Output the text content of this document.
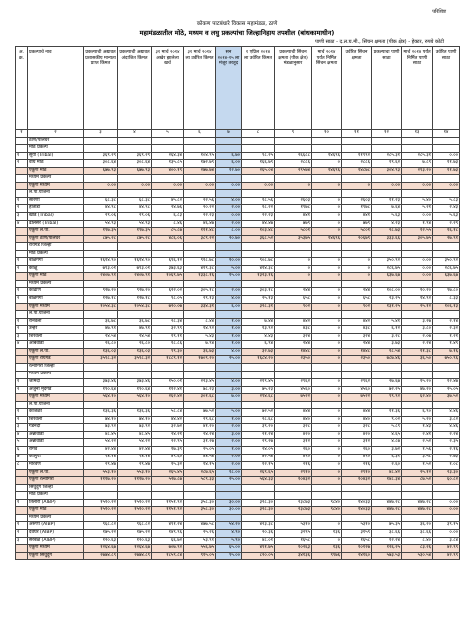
परिशिष्ट
कोकण पाटबंधारे विकास महामंडळ, ठाणे
महामंडळातील मोठे, मध्यम व लघु प्रकल्पांचा जिल्हानिहाय तपशील (बांधकामाधीन)
पाणी साठा - द.ल.घ.मी., सिंचन क्षमता (पीक क्षेत्र) - हेक्टर, रुपये कोटी
अ. क्र.	प्रकल्पाचे नाव	प्रकल्पाची अद्यावत प्रशासकीय मान्यता प्राप्त किंमत	प्रकल्पाची अद्यावत अंदाजित किंमत	३१ मार्च २०१४ अखेर झालेला खर्च	३१ मार्च २०१४ ला उर्वरित किंमत	सन २०१४-१५ ला मंजूर तरतूद	१ एप्रिल २०१४ ला उर्वरित किंमत	प्रकल्पाची सिंचन क्षमता (पीक क्षेत्र) मंडळानुसार	मार्च २०१४ पर्यंत निर्मित सिंचन क्षमता	उर्वरित सिंचन क्षमता	प्रकल्पाचा पाणी साठा	मार्च २०१४ पर्यंत निर्मित पाणी साठा	उर्वरित पाणी साठा
१	२	३	४	५	६	७	८	९	१०	११	१२	१३	१४
	ठाणे/पालघर												
	मोठे प्रकल्प												
१	सूर्या (Tribal)	३६९.२९	३६९.२९	२६४.३४	१०४.९५	६.७०	९८.२५	२६६८८	१४६९६	११९९२	२८५.३१	२८५.३१	०.००
२	वाघ मोठे	३०८.६४	३०८.६४	१३५.८५	१७२.७९	६.००	१६६.७९	२८८६	०	२८८६	१९.६२	७.८९	११.७३
	एकूण मोठे	६७७.९३	६७७.९३	४००.१९	२७७.७४	१२.७०	२६५.०४	२९५७४	१४६९६	१४८७८	३०४.९३	२९३.२०	११.७३
	मध्यम प्रकल्प												
	एकूण मध्यम	०.००	०.००	०.००	०.००	०.००	०.००	०	०	०	०.००	०.००	०.००
	ल.पा.योजना												
१	सारणी	६८.३८	६८.३८	४५.८२	२२.५६	४.००	१८.५६	२६०३	०	२६०३	११.२३	५.४०	५.८३
२	हातोडा	४४.९८	४४.९८	२४.७६	२०.२२	२.००	१८.२२	१९७८	०	१९७८	७.६४	५.२१	२.४३
३	खांड (Tribal)	२९.०६	२९.०६	६.८३	२२.२३	०.००	२२.२३	४४१	०	४४१	५.६३	०.००	५.६३
४	ढोलसरे (Tribal)	५४.९३	५४.९३	८.४६	४६.४७	२.००	४४.४७	७७९	०	७७९	४.२३	१.९४	२.२९
	एकूण ल.पा.	१९७.३५	१९७.३५	८५.८७	१११.४८	८.००	१०३.४८	५८०१	०	५८०१	२८.७३	१२.५५	१६.१८
	एकूण ठाणे/पालघर	८७५.२८	८७५.२८	४८६.०६	३८९.२२	२०.७०	३६८.५२	३५३७५	१४६९६	२०६७९	३३३.६६	३०५.७५	२७.९१
	रायगड जिल्हा												
	मोठे प्रकल्प												
१	बाळगंगा	१६१४.९०	१६१४.९०	६९६.१२	९१८.७८	१०.००	९०८.७८	०	०	०	३५०.९२	०.००	३५०.९२
२	काळू	७९३.०१	७९३.०१	३७३.६३	४१९.३८	५.००	४१४.३८	०	०	०	२८६.७५	०.००	२८६.७५
	एकूण मोठे	२४०७.९१	२४०७.९१	१०६९.७५	१३३८.१६	१५.००	१३२३.१६	०	०	०	६३७.६७	०.००	६३७.६७
	मध्यम प्रकल्प												
१	कोंढाणे	९२७.२०	९२७.२०	६२२.०२	३०५.१८	२.००	३०३.१८	२४४	०	२४४	१०८.००	१०.२०	९७.८०
२	बाळगंगा	१२७.१८	१२७.१८	९८.०५	२९.१३	४.००	२५.१३	६५८	०	६५८	२३.२५	१४.९२	८.३३
	एकूण मध्यम	१०५४.३८	१०५४.३८	७२०.०७	३३४.३१	६.००	३२८.३१	९०२	०	९०२	१३१.२५	२५.१२	१०६.१३
	ल.पा.योजना												
१	रानवली	३६.७८	३६.७८	२८.३४	८.४४	१.००	७.४४	४४२	०	४४२	५.४१	३.२७	२.१४
२	उन्हेरे	४७.९१	४७.९१	३२.९९	१४.९२	१.००	१३.९२	४३८	०	४३८	६.१२	३.८०	२.३२
३	शिरवली	२४.५४	२४.५४	१९.११	५.४३	१.००	४.४३	३२४	०	३२४	३.२८	२.०७	१.२१
४	आंबेवाडी	२६.८०	२६.८०	१८.८६	७.९४	१.००	६.९४	२४४	०	२४४	३.७३	२.२४	१.४९
	एकूण ल.पा.	१३६.०३	१३६.०३	९९.३०	३६.७३	४.००	३२.७३	१४४८	०	१४४८	१८.५४	११.३८	७.१६
	एकूण रायगड	३५९८.३२	३५९८.३२	१८८९.१२	१७०९.२०	२५.००	१६८४.२०	२३५०	०	२३५०	७८७.४६	३६.५०	७५०.९६
	रत्नागिरी जिल्हा												
	मध्यम प्रकल्प												
१	जामदा	३७३.४६	३७३.४६	१५०.०१	२२३.४५	४.००	२१९.४५	२९६२	०	२९६२	२७.६७	१५.२०	१२.४७
२	अर्जुना मृदगड	१९०.६४	१९०.६४	११२.४१	७८.२३	३.००	७५.२३	४५६०	०	४५६०	७२.२५	४७.२०	२५.०५
	एकूण मध्यम	५६४.१०	५६४.१०	२६२.४२	३०१.६८	७.००	२९४.६८	७५२२	०	७५२२	९९.९२	६२.४०	३७.५२
	ल.पा.योजना												
१	काजळी	१३६.३६	१३६.३६	५८.८४	७७.५२	५.००	७२.५२	४४४	०	४४४	११.३६	६.९०	४.४६
२	शिरवली	७४.१०	७४.१०	४४.४२	२९.६८	१.००	२८.६८	४४०	०	४४०	९.०२	५.२०	३.८२
३	गडनदी	७३.९२	७३.९२	३२.७२	४१.२०	२.००	३९.२०	३२८	०	३२८	५.८९	१.४३	४.४६
४	अन्नावाडी	४८.४५	४८.४५	२४.२१	२४.२४	३.००	२१.२४	४२०	०	४२०	४.६५	२.४१	२.२४
५	अन्नावाडी	५४.२२	५४.२२	२२.९५	३१.२७	२.००	२९.२७	३१२	०	३१२	४.८७	२.५२	२.३५
६	रांगव	४२.४४	४२.४४	१७.३९	२५.०५	१.००	२४.०५	२६०	०	२६०	३.७२	१.५६	२.१६
७	कोलुपा	९४.१४	९४.१४	४९.६०	४४.५४	२.००	४२.५४	४९०	०	४९०	६.३१	३.५८	२.७३
८	मोरवणे	२९.४७	२९.४७	१५.३२	१४.१५	२.००	१२.१५	२१६	०	२१६	२.६०	१.५२	१.०८
	एकूण ल.पा.	५५३.१०	५५३.१०	२६५.४५	२८७.६५	१८.००	२६९.६५	२९१०	०	२९१०	४८.४२	२५.१२	२३.३०
	एकूण रत्नागिरी	१११७.२०	१११७.२०	५२७.८७	५८९.३३	२५.००	५६४.३३	१०४३२	०	१०४३२	१४८.३४	८७.५२	६०.८२
	सिंधुदुर्ग जिल्हा												
	मोठे प्रकल्प												
१	तिलारी (AIBP)	१५१०.२२	१५१०.२२	११५१.९२	३५८.३०	३०.००	३२८.३०	२३८७३	९८४०	१४०३३	४४७.२८	४४७.२८	०.००
	एकूण मोठे	१५१०.२२	१५१०.२२	११५१.९२	३५८.३०	३०.००	३२८.३०	२३८७३	९८४०	१४०३३	४४७.२८	४४७.२८	०.००
	मध्यम प्रकल्प												
१	अरुणा (AIBP)	९६८.८२	९६८.८२	४९१.२४	४७७.५८	५४.२०	४२३.३८	५३१०	०	५३१०	७५.३५	३६.२०	३९.१५
२	देवघर (AIBP)	१७५.२२	१७५.२२	१४९.९६	२५.२६	४.९०	२०.३६	३२९५	१३६	३१५९	३८.६६	३८.६६	०.००
३	सरंबळ (AIBP)	१२०.६३	१२०.६३	६६.७२	५३.९१	५.९०	४८.०१	१६५८	०	१६५८	१२.२४	८.४०	३.८४
	एकूण मध्यम	१२६४.६७	१२६४.६७	७०७.९२	५५६.७५	६५.००	४९१.७५	१०२६३	१३६	१०१२७	१२६.२५	८३.२६	४२.९९
	एकूण सिंधुदुर्ग	२७७४.८९	२७७४.८९	१८५९.८४	९१५.०५	९५.००	८२०.०५	३४१३६	९९७६	२४१६०	५७३.५३	५३०.५४	४२.९९
